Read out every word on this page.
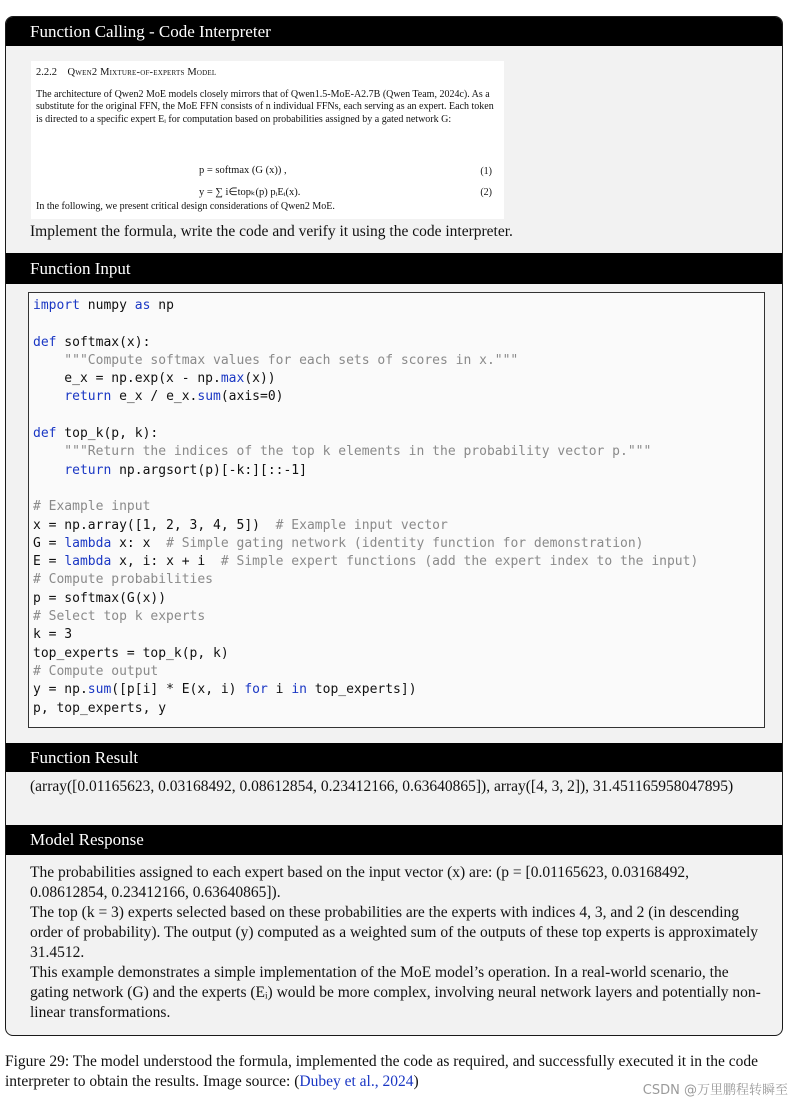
Function Calling - Code Interpreter
2.2.2 Qwen2 Mixture-of-experts Model
The architecture of Qwen2 MoE models closely mirrors that of Qwen1.5-MoE-A2.7B (Qwen Team, 2024c). As a substitute for the original FFN, the MoE FFN consists of n individual FFNs, each serving as an expert. Each token is directed to a specific expert Eᵢ for computation based on probabilities assigned by a gated network G:
p = softmax (G (x)) ,	(1)
y = ∑ i∈topₖ(p) pᵢEᵢ(x).	(2)
In the following, we present critical design considerations of Qwen2 MoE.
Implement the formula, write the code and verify it using the code interpreter.
Function Input
import numpy as np
def softmax(x):
"""Compute softmax values for each sets of scores in x."""
e_x = np.exp(x - np.max(x))
return e_x / e_x.sum(axis=0)
def top_k(p, k):
"""Return the indices of the top k elements in the probability vector p."""
return np.argsort(p)[-k:][::-1]
# Example input
x = np.array([1, 2, 3, 4, 5])  # Example input vector
G = lambda x: x  # Simple gating network (identity function for demonstration)
E = lambda x, i: x + i  # Simple expert functions (add the expert index to the input)
# Compute probabilities
p = softmax(G(x))
# Select top k experts
k = 3
top_experts = top_k(p, k)
# Compute output
y = np.sum([p[i] * E(x, i) for i in top_experts])
p, top_experts, y
Function Result
(array([0.01165623, 0.03168492, 0.08612854, 0.23412166, 0.63640865]), array([4, 3, 2]), 31.451165958047895)
Model Response
The probabilities assigned to each expert based on the input vector (x) are: (p = [0.01165623, 0.03168492, 0.08612854, 0.23412166, 0.63640865]).
The top (k = 3) experts selected based on these probabilities are the experts with indices 4, 3, and 2 (in descending order of probability). The output (y) computed as a weighted sum of the outputs of these top experts is approximately 31.4512.
This example demonstrates a simple implementation of the MoE model’s operation. In a real-world scenario, the gating network (G) and the experts (Eᵢ) would be more complex, involving neural network layers and potentially non-linear transformations.
Figure 29: The model understood the formula, implemented the code as required, and successfully executed it in the code interpreter to obtain the results. Image source: (Dubey et al., 2024)
CSDN @万里鹏程转瞬至
